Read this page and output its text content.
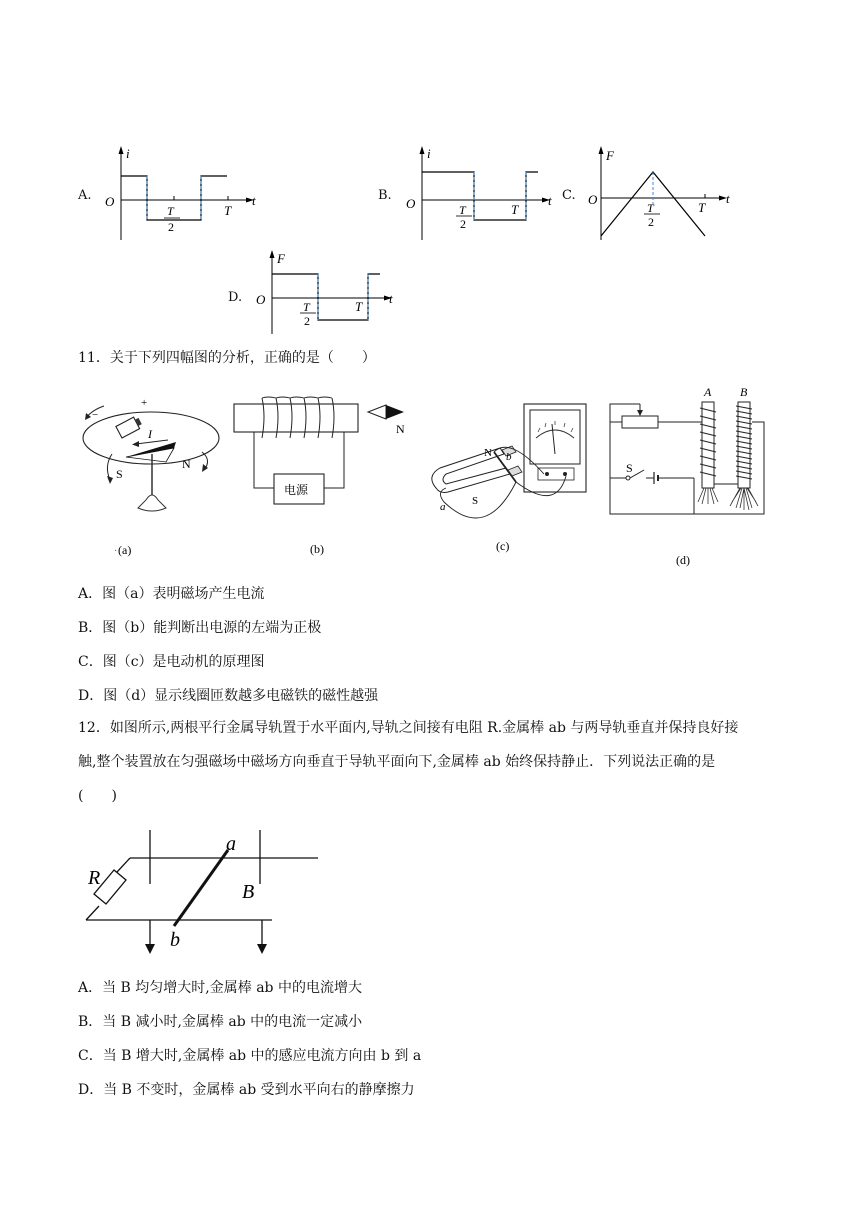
A.
i
t
O
T
2
T
B.
i
t
O	T
2
T
C.
F
t
O
T
2
T
D.
F
t
O	T
2
T
11．关于下列四幅图的分析，正确的是（　　）
+
−
I
S
N
(a)
·
电源
N
(b)
N
S
a
b
(c)
S
A B
(d)
A．图（a）表明磁场产生电流
B．图（b）能判断出电源的左端为正极
C．图（c）是电动机的原理图
D．图（d）显示线圈匝数越多电磁铁的磁性越强
12．如图所示,两根平行金属导轨置于水平面内,导轨之间接有电阻 R.金属棒 ab 与两导轨垂直并保持良好接
触,整个装置放在匀强磁场中磁场方向垂直于导轨平面向下,金属棒 ab 始终保持静止．下列说法正确的是
(　　)
R
a
b
B
A．当 B 均匀增大时,金属棒 ab 中的电流增大
B．当 B 减小时,金属棒 ab 中的电流一定减小
C．当 B 增大时,金属棒 ab 中的感应电流方向由 b 到 a
D．当 B 不变时，金属棒 ab 受到水平向右的静摩擦力
